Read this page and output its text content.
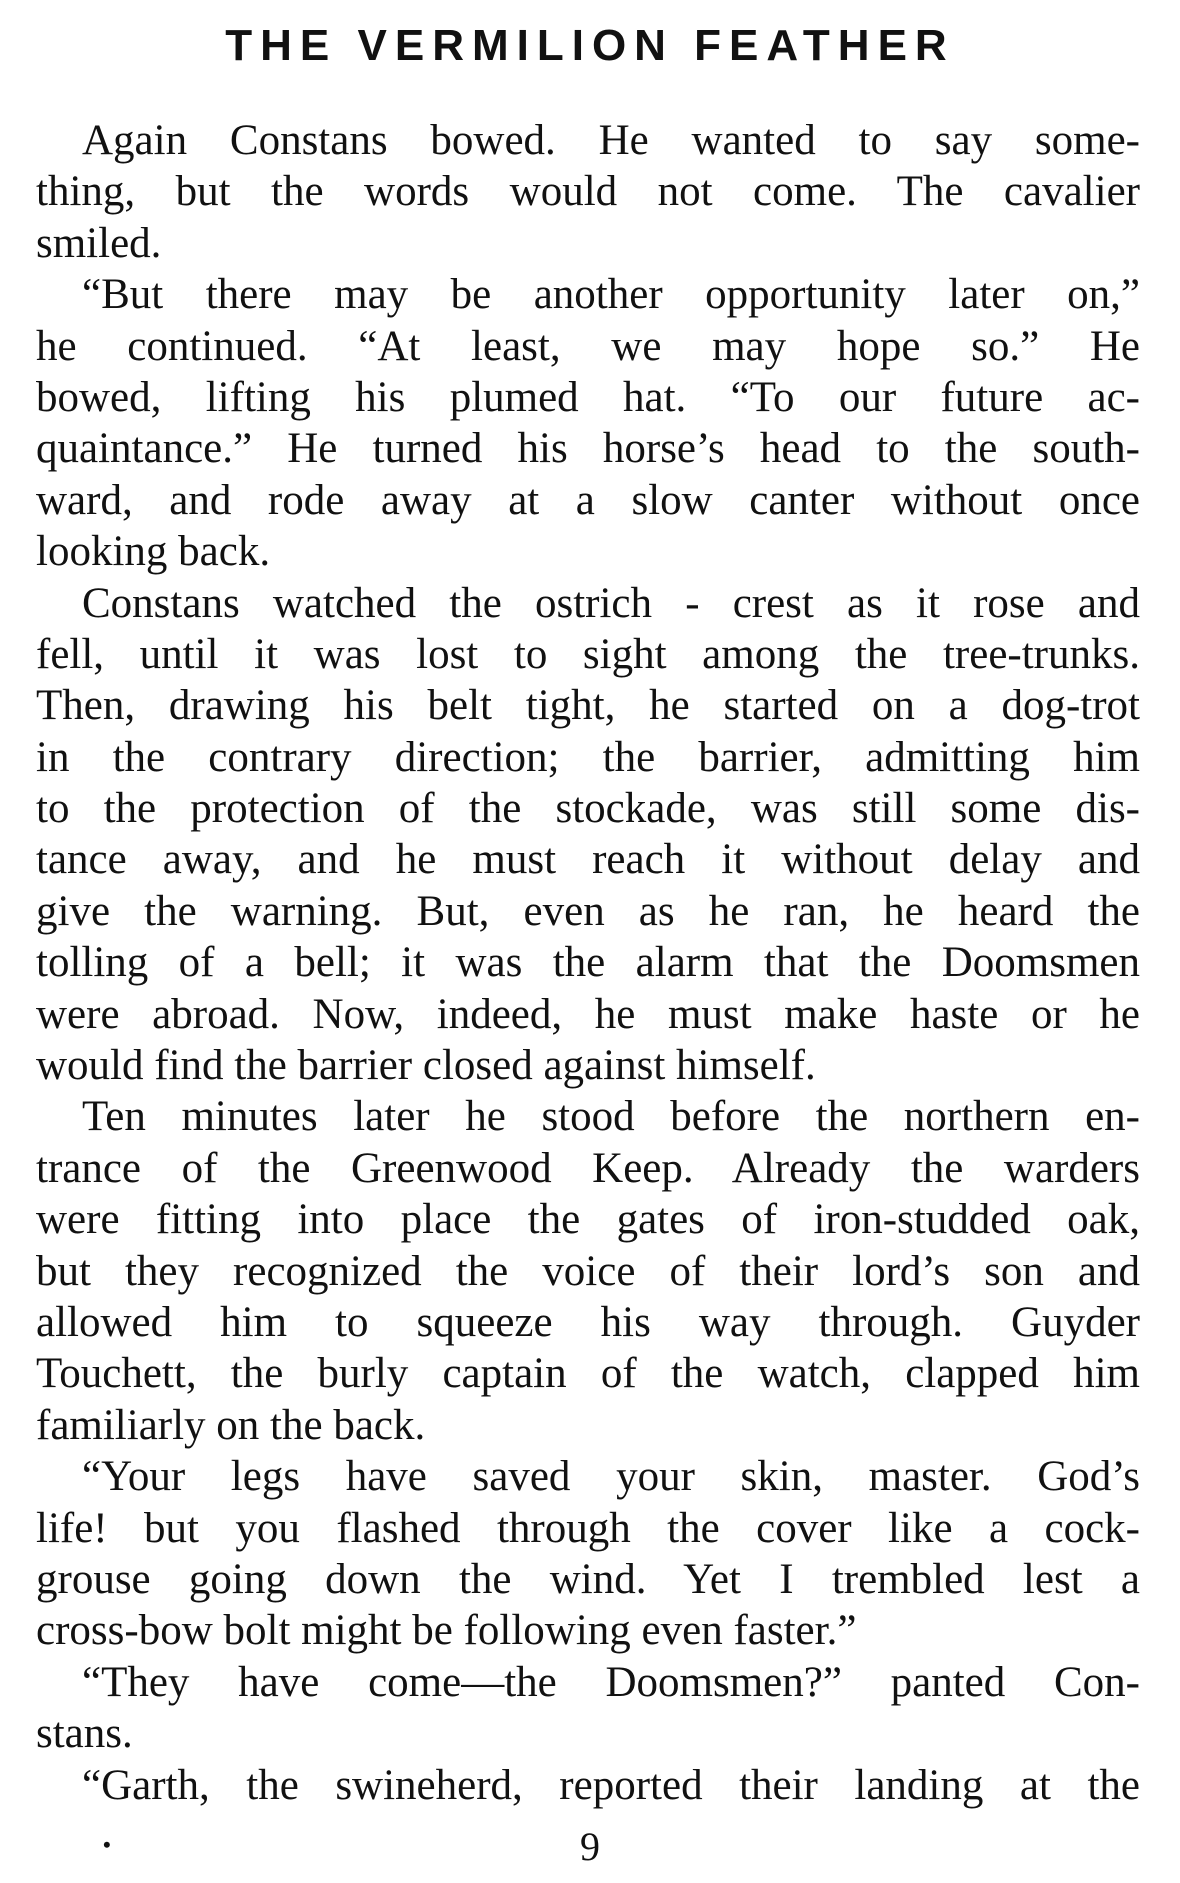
THE VERMILION FEATHER
Again Constans bowed. He wanted to say some-
thing, but the words would not come. The cavalier
smiled.
“But there may be another opportunity later on,”
he continued. “At least, we may hope so.” He
bowed, lifting his plumed hat. “To our future ac-
quaintance.” He turned his horse’s head to the south-
ward, and rode away at a slow canter without once
looking back.
Constans watched the ostrich - crest as it rose and
fell, until it was lost to sight among the tree-trunks.
Then, drawing his belt tight, he started on a dog-trot
in the contrary direction; the barrier, admitting him
to the protection of the stockade, was still some dis-
tance away, and he must reach it without delay and
give the warning. But, even as he ran, he heard the
tolling of a bell; it was the alarm that the Doomsmen
were abroad. Now, indeed, he must make haste or he
would find the barrier closed against himself.
Ten minutes later he stood before the northern en-
trance of the Greenwood Keep. Already the warders
were fitting into place the gates of iron-studded oak,
but they recognized the voice of their lord’s son and
allowed him to squeeze his way through. Guyder
Touchett, the burly captain of the watch, clapped him
familiarly on the back.
“Your legs have saved your skin, master. God’s
life! but you flashed through the cover like a cock-
grouse going down the wind. Yet I trembled lest a
cross-bow bolt might be following even faster.”
“They have come—the Doomsmen?” panted Con-
stans.
“Garth, the swineherd, reported their landing at the
•	9
